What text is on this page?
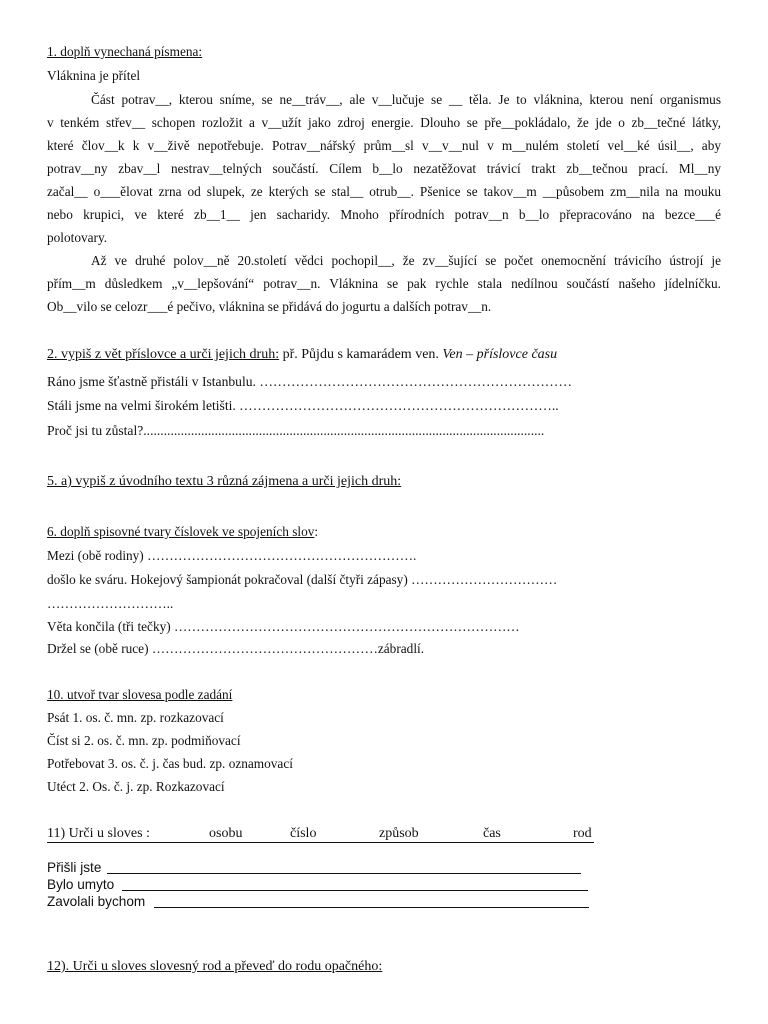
1. doplň vynechaná písmena:
Vláknina je přítel
Část potrav__, kterou sníme, se ne__tráv__, ale v__lučuje se __ těla. Je to vláknina, kterou není organismus
v tenkém střev__ schopen rozložit a v__užít jako zdroj energie. Dlouho se pře__pokládalo, že jde o zb__tečné látky,
které člov__k k v__živě nepotřebuje. Potrav__nářský prům__sl v__v__nul v m__nulém století vel__ké úsil__, aby
potrav__ny zbav__l nestrav__telných součástí. Cílem b__lo nezatěžovat trávicí trakt zb__tečnou prací. Ml__ny
začal__ o___ělovat zrna od slupek, ze kterých se stal__ otrub__. Pšenice se takov__m __působem zm__nila na mouku
nebo krupici, ve které zb__1__ jen sacharidy. Mnoho přírodních potrav__n b__lo přepracováno na bezcе___é
polotovary.
Až ve druhé polov__ně 20.století vědci pochopil__, že zv__šující se počet onemocnění trávicího ústrojí je
přím__m důsledkem „v__lepšování“ potrav__n. Vláknina se pak rychle stala nedílnou součástí našeho jídelníčku.
Ob__vilo se celozr___é pečivo, vláknina se přidává do jogurtu a dalších potrav__n.
2. vypiš z vět příslovce a urči jejich druh: př. Půjdu s kamarádem ven. Ven – příslovce času
Ráno jsme šťastně přistáli v Istanbulu. ……………………………………………………………
Stáli jsme na velmi širokém letišti. ……………………………………………………………..
Proč jsi tu zůstal?......................................................................................................................
5. a) vypiš z úvodního textu 3 různá zájmena a urči jejich druh:
6. doplň spisovné tvary číslovek ve spojeních slov:
Mezi (obě rodiny) …………………………………………………….
došlo ke sváru. Hokejový šampionát pokračoval (další čtyři zápasy) ……………………………
………………………..
Věta končila (tři tečky) ……………………………………………………………………
Držel se (obě ruce) ……………………………………………zábradlí.
10. utvoř tvar slovesa podle zadání
Psát 1. os. č. mn. zp. rozkazovací
Číst si 2. os. č. mn. zp. podmiňovací
Potřebovat 3. os. č. j. čas bud. zp. oznamovací
Utéct 2. Os. č. j. zp. Rozkazovací
11) Urči u sloves :	osobu	číslo	způsob	čas	rod
Přišli jste
Bylo umyto
Zavolali bychom
12). Urči u sloves slovesný rod a převeď do rodu opačného:
